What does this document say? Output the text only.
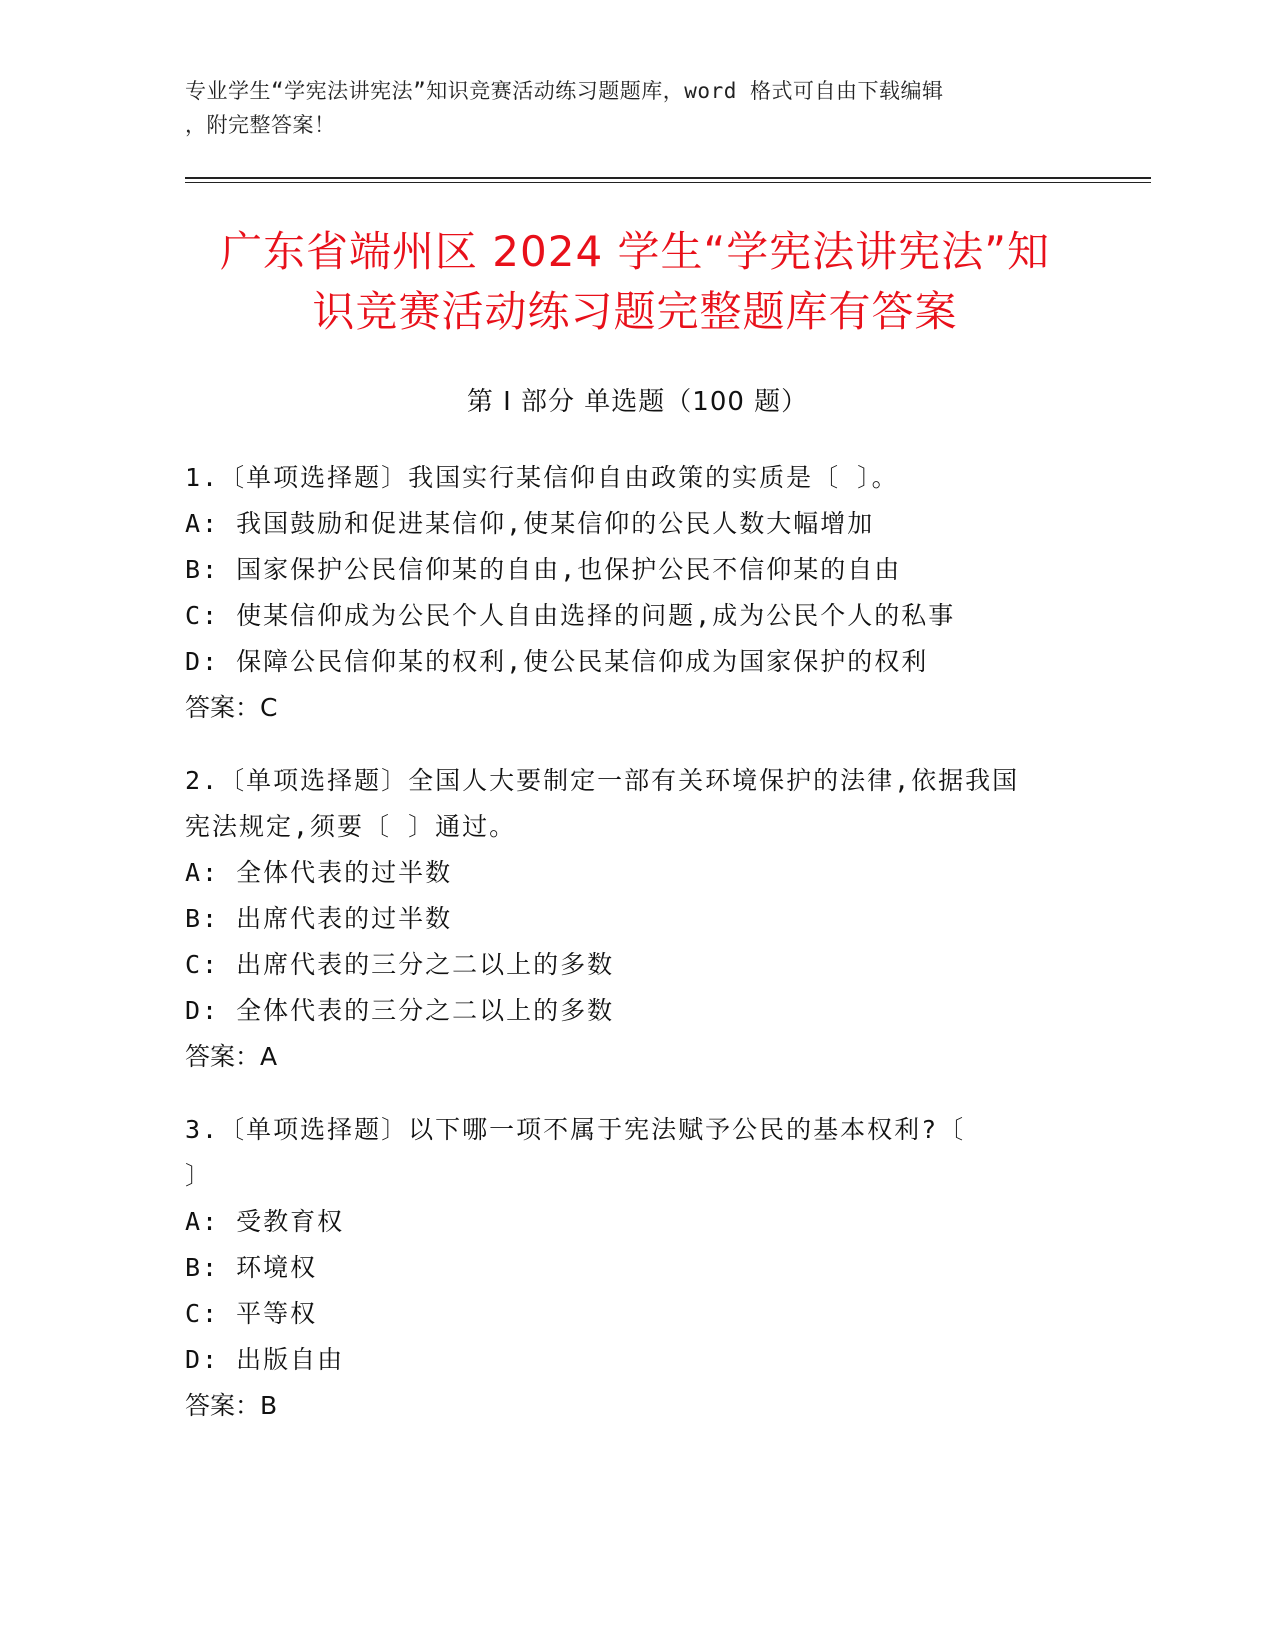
专业学生“学宪法讲宪法”知识竞赛活动练习题题库，word 格式可自由下载编辑
，附完整答案！
广东省端州区 2024 学生“学宪法讲宪法”知
识竞赛活动练习题完整题库有答案
第 I 部分 单选题（100 题）
1.〔单项选择题〕我国实行某信仰自由政策的实质是〔 〕。
A: 我国鼓励和促进某信仰,使某信仰的公民人数大幅增加
B: 国家保护公民信仰某的自由,也保护公民不信仰某的自由
C: 使某信仰成为公民个人自由选择的问题,成为公民个人的私事
D: 保障公民信仰某的权利,使公民某信仰成为国家保护的权利
答案：C
2.〔单项选择题〕全国人大要制定一部有关环境保护的法律,依据我国
宪法规定,须要〔 〕通过。
A: 全体代表的过半数
B: 出席代表的过半数
C: 出席代表的三分之二以上的多数
D: 全体代表的三分之二以上的多数
答案：A
3.〔单项选择题〕以下哪一项不属于宪法赋予公民的基本权利?〔
〕
A: 受教育权
B: 环境权
C: 平等权
D: 出版自由
答案：B
